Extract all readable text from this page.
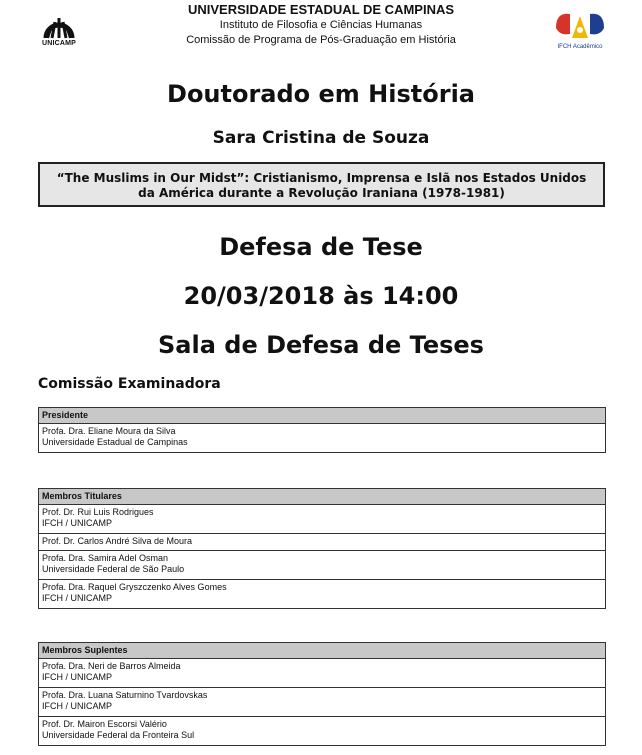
UNICAMP
UNIVERSIDADE ESTADUAL DE CAMPINAS
Instituto de Filosofia e Ciências Humanas
Comissão de Programa de Pós-Graduação em História
IFCH Acadêmico
Doutorado em História
Sara Cristina de Souza
“The Muslims in Our Midst”: Cristianismo, Imprensa e Islã nos Estados Unidos da América durante a Revolução Iraniana (1978-1981)
Defesa de Tese
20/03/2018 às 14:00
Sala de Defesa de Teses
Comissão Examinadora
Presidente
Profa. Dra. Eliane Moura da Silva
Universidade Estadual de Campinas
Membros Titulares
Prof. Dr. Rui Luis Rodrigues
IFCH / UNICAMP
Prof. Dr. Carlos André Silva de Moura
Profa. Dra. Samira Adel Osman
Universidade Federal de São Paulo
Profa. Dra. Raquel Gryszczenko Alves Gomes
IFCH / UNICAMP
Membros Suplentes
Profa. Dra. Neri de Barros Almeida
IFCH / UNICAMP
Profa. Dra. Luana Saturnino Tvardovskas
IFCH / UNICAMP
Prof. Dr. Mairon Escorsi Valério
Universidade Federal da Fronteira Sul
